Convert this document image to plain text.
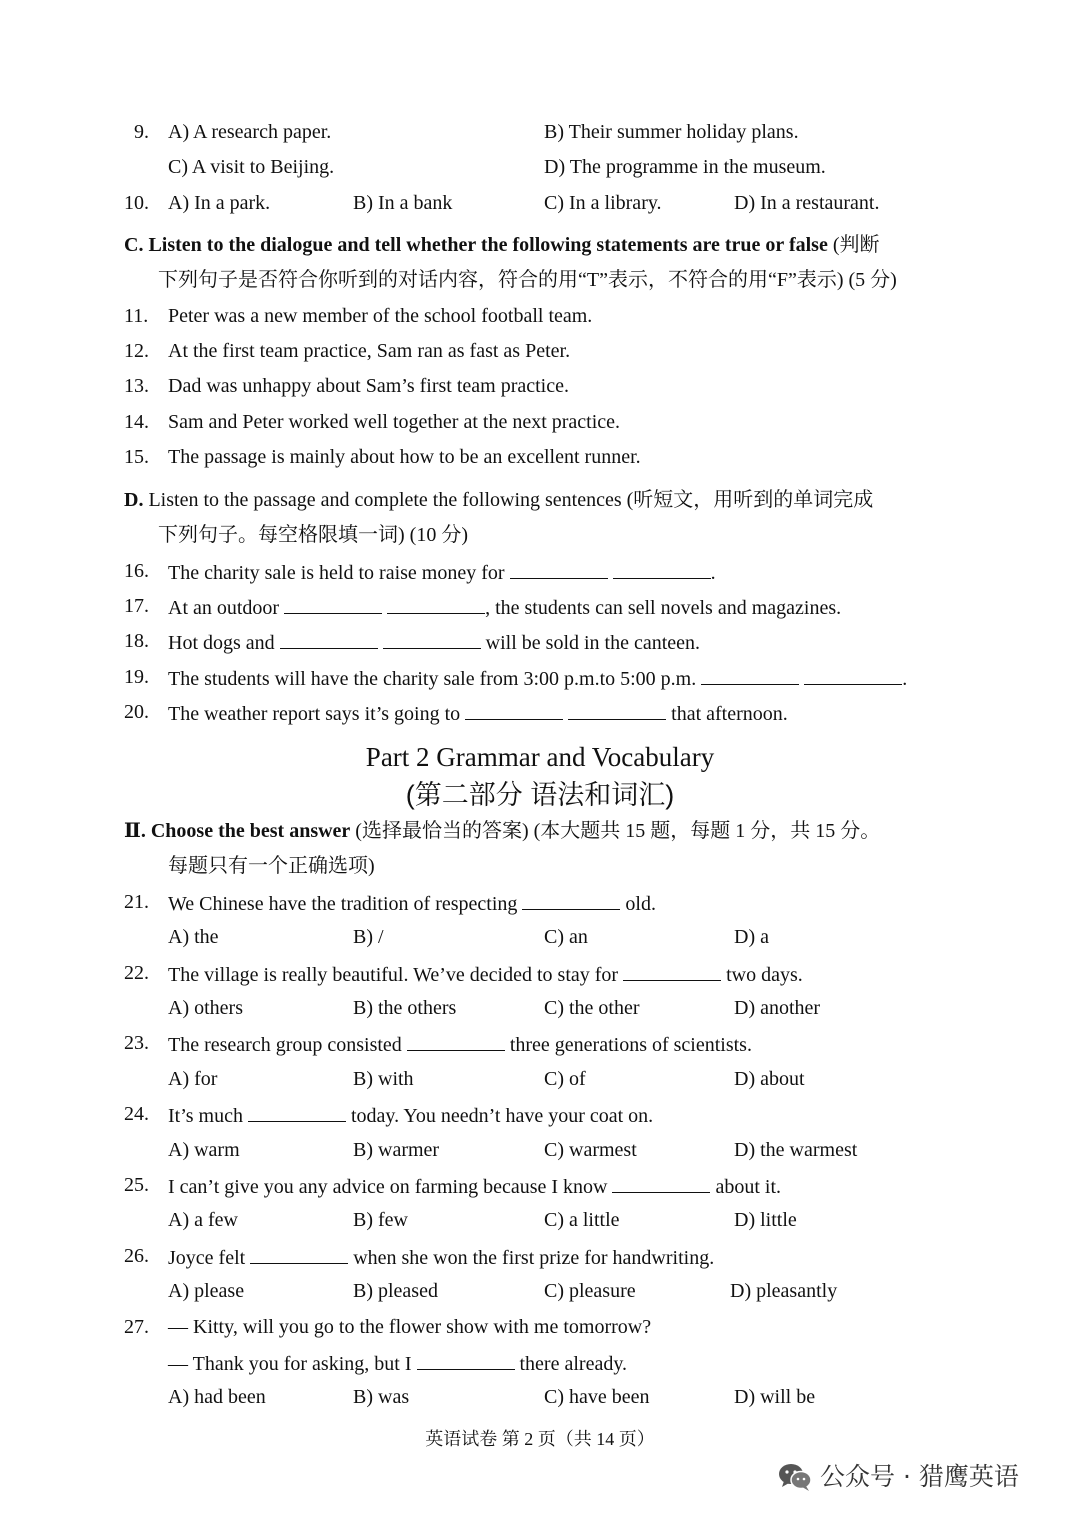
9. A) A research paper.	B) Their summer holiday plans.
C) A visit to Beijing.	D) The programme in the museum.
10. A) In a park.	B) In a bank	C) In a library.	D) In a restaurant.
C. Listen to the dialogue and tell whether the following statements are true or false (判断
下列句子是否符合你听到的对话内容，符合的用“T”表示，不符合的用“F”表示) (5 分)
11. Peter was a new member of the school football team.
12. At the first team practice, Sam ran as fast as Peter.
13. Dad was unhappy about Sam’s first team practice.
14. Sam and Peter worked well together at the next practice.
15. The passage is mainly about how to be an excellent runner.
D. Listen to the passage and complete the following sentences (听短文，用听到的单词完成
下列句子。每空格限填一词) (10 分)
16. The charity sale is held to raise money for	.
17. At an outdoor	, the students can sell novels and magazines.
18. Hot dogs and	will be sold in the canteen.
19. The students will have the charity sale from 3:00 p.m.to 5:00 p.m.	.
20. The weather report says it’s going to	that afternoon.
Part 2 Grammar and Vocabulary
(第二部分 语法和词汇)
Ⅱ. Choose the best answer (选择最恰当的答案) (本大题共 15 题，每题 1 分，共 15 分。
每题只有一个正确选项)
21. We Chinese have the tradition of respecting	old.
A) the	B) /	C) an	D) a
22. The village is really beautiful. We’ve decided to stay for	two days.
A) others	B) the others	C) the other	D) another
23. The research group consisted	three generations of scientists.
A) for	B) with	C) of	D) about
24. It’s much	today. You needn’t have your coat on.
A) warm	B) warmer	C) warmest	D) the warmest
25. I can’t give you any advice on farming because I know	about it.
A) a few	B) few	C) a little	D) little
26. Joyce felt	when she won the first prize for handwriting.
A) please	B) pleased	C) pleasure	D) pleasantly
27. — Kitty, will you go to the flower show with me tomorrow?
— Thank you for asking, but I	there already.
A) had been	B) was	C) have been	D) will be
英语试卷 第 2 页（共 14 页）
公众号 · 猎鹰英语
